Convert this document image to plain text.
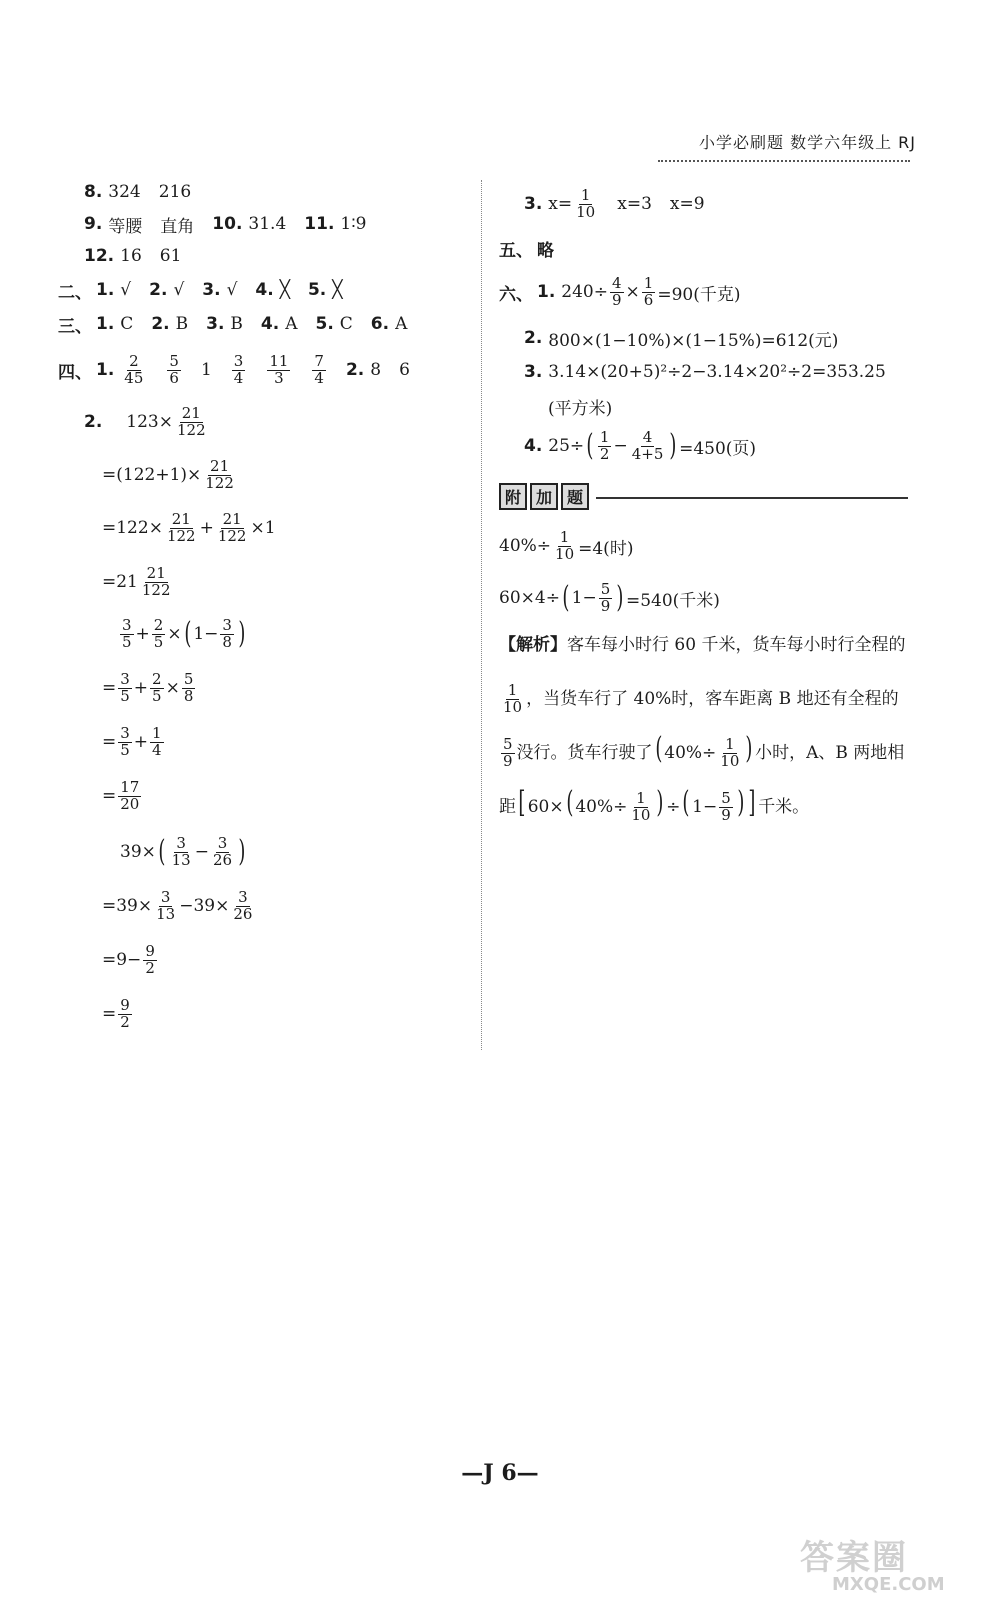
小学必刷题 数学六年级上 RJ
8. 324 216
9. 等腰 直角 10. 31.4 11. 1∶9
12. 16 61
二、 1. √ 2. √ 3. √ 4. ╳ 5. ╳
三、 1. C 2. B 3. B 4. A 5. C 6. A
四、 1. $\frac{2}{45} \frac{5}{6} 1 \frac{3}{4} \frac{11}{3} \frac{7}{4} 2$. 8 6
2. $123\times \frac{21}{122}$
$=(122+1)\times \frac{21}{122}$
$=122\times \frac{21}{122} + \frac{21}{122} \times 1$
$=21 \frac{21}{122}$
$\frac{3}{5} + \frac{2}{5}$ × ( $1- \frac{3}{8}$ )
= $\frac{3}{5} + \frac{2}{5} \times \frac{5}{8}$
= $\frac{3}{5} + \frac{1}{4}$
= $\frac{17}{20}$
39× ( $\frac{3}{13} - \frac{3}{26}$ )
$=39\times \frac{3}{13} -39\times \frac{3}{26}$
$=9- \frac{9}{2}$
= $\frac{9}{2}$
3. $x= \frac{1}{10} x=3$ x=9
五、 略
六、 1. $240\div \frac{4}{9} \times \frac{1}{6} =90$(千克)
2. 800×(1−10%)×(1−15%)=612(元)
3. 3.14×(20+5)²÷2−3.14×20²÷2=353.25
(平方米)
4. 25÷ ( $\frac{1}{2} - \frac{4}{4+5}$ ) =450(页)
附 加 题
$40\%\div \frac{1}{10} =4$(时)
60×4÷ ( $1- \frac{5}{9}$ ) =540(千米)
【解析】客车每小时行 60 千米，货车每小时行全程的
$\frac{1}{10}$ ，当货车行了 40%时，客车距离 B 地还有全程的
$\frac{5}{9}$ 没行。货车行驶了( $40\%\div \frac{1}{10}$ ) 小时，A、B 两地相距[ 60×( $40\%\div \frac{1}{10}$ ) ÷( $1- \frac{5}{9}$ ) ] 千米。
—J 6—
答案圈
MXQE.COM
